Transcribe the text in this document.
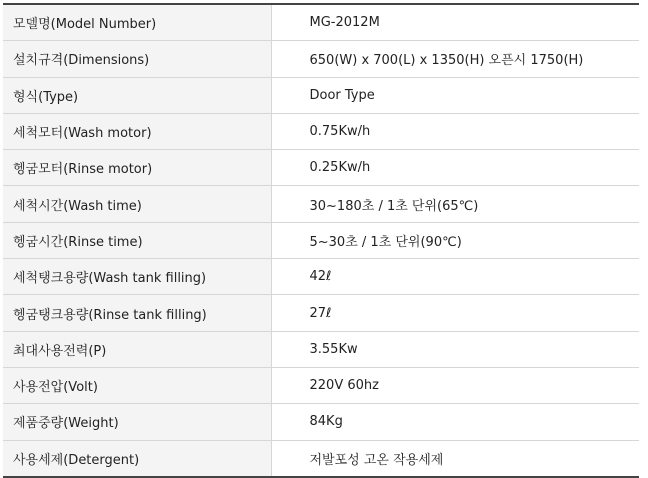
모델명(Model Number)	MG-2012M
설치규격(Dimensions)	650(W) x 700(L) x 1350(H) 오픈시 1750(H)
형식(Type)	Door Type
세척모터(Wash motor)	0.75Kw/h
헹굼모터(Rinse motor)	0.25Kw/h
세척시간(Wash time)	30~180초 / 1초 단위(65℃)
헹굼시간(Rinse time)	5~30초 / 1초 단위(90℃)
세척탱크용량(Wash tank filling)	42ℓ
헹굼탱크용량(Rinse tank filling)	27ℓ
최대사용전력(P)	3.55Kw
사용전압(Volt)	220V 60hz
제품중량(Weight)	84Kg
사용세제(Detergent)	저발포성 고온 작용세제
